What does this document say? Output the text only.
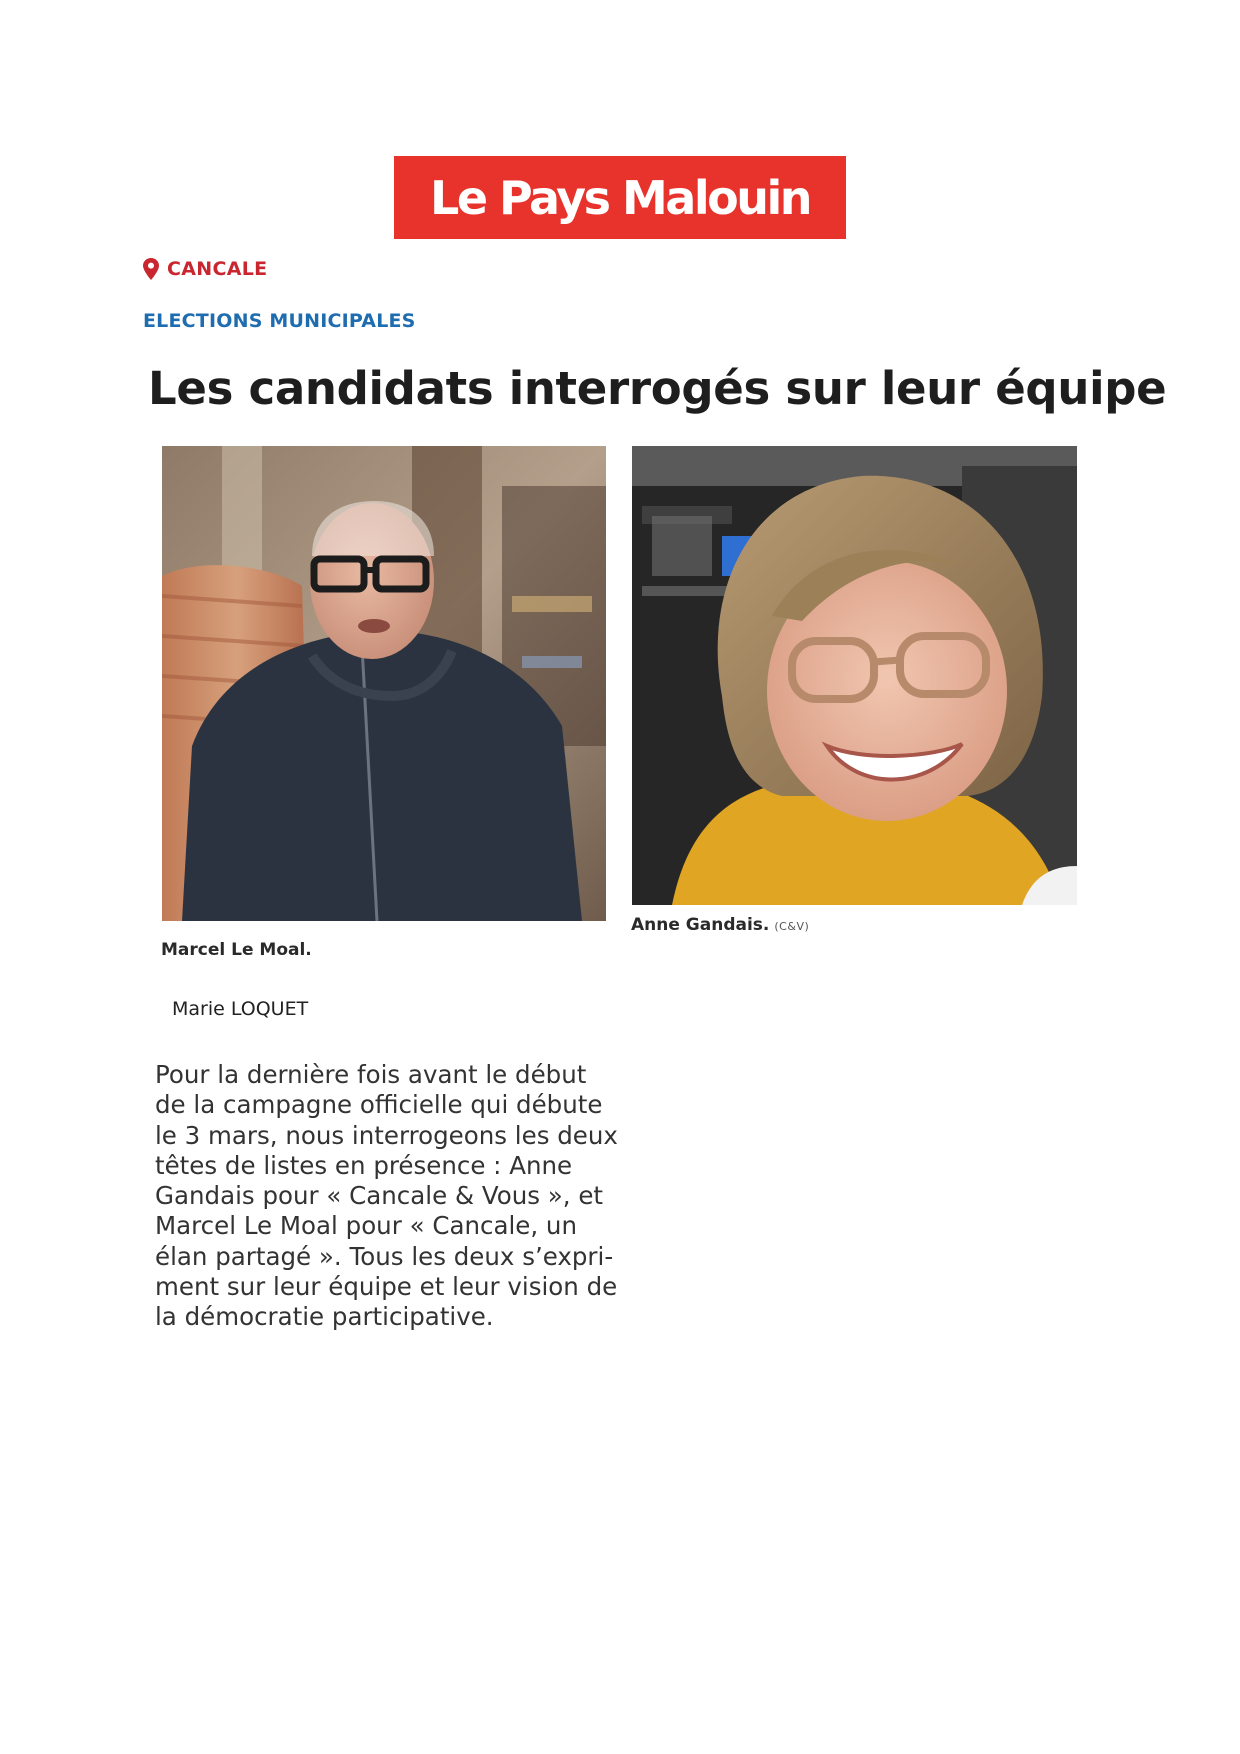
Le Pays Malouin
CANCALE
ELECTIONS MUNICIPALES
Les candidats interrogés sur leur équipe
Marcel Le Moal.
Anne Gandais. (C&V)
Marie LOQUET

Pour la dernière fois avant le début
de la campagne officielle qui débute
le 3 mars, nous interrogeons les deux
têtes de listes en présence : Anne
Gandais pour « Cancale & Vous », et
Marcel Le Moal pour « Cancale, un
élan partagé ». Tous les deux s’expri-
ment sur leur équipe et leur vision de
la démocratie participative.
